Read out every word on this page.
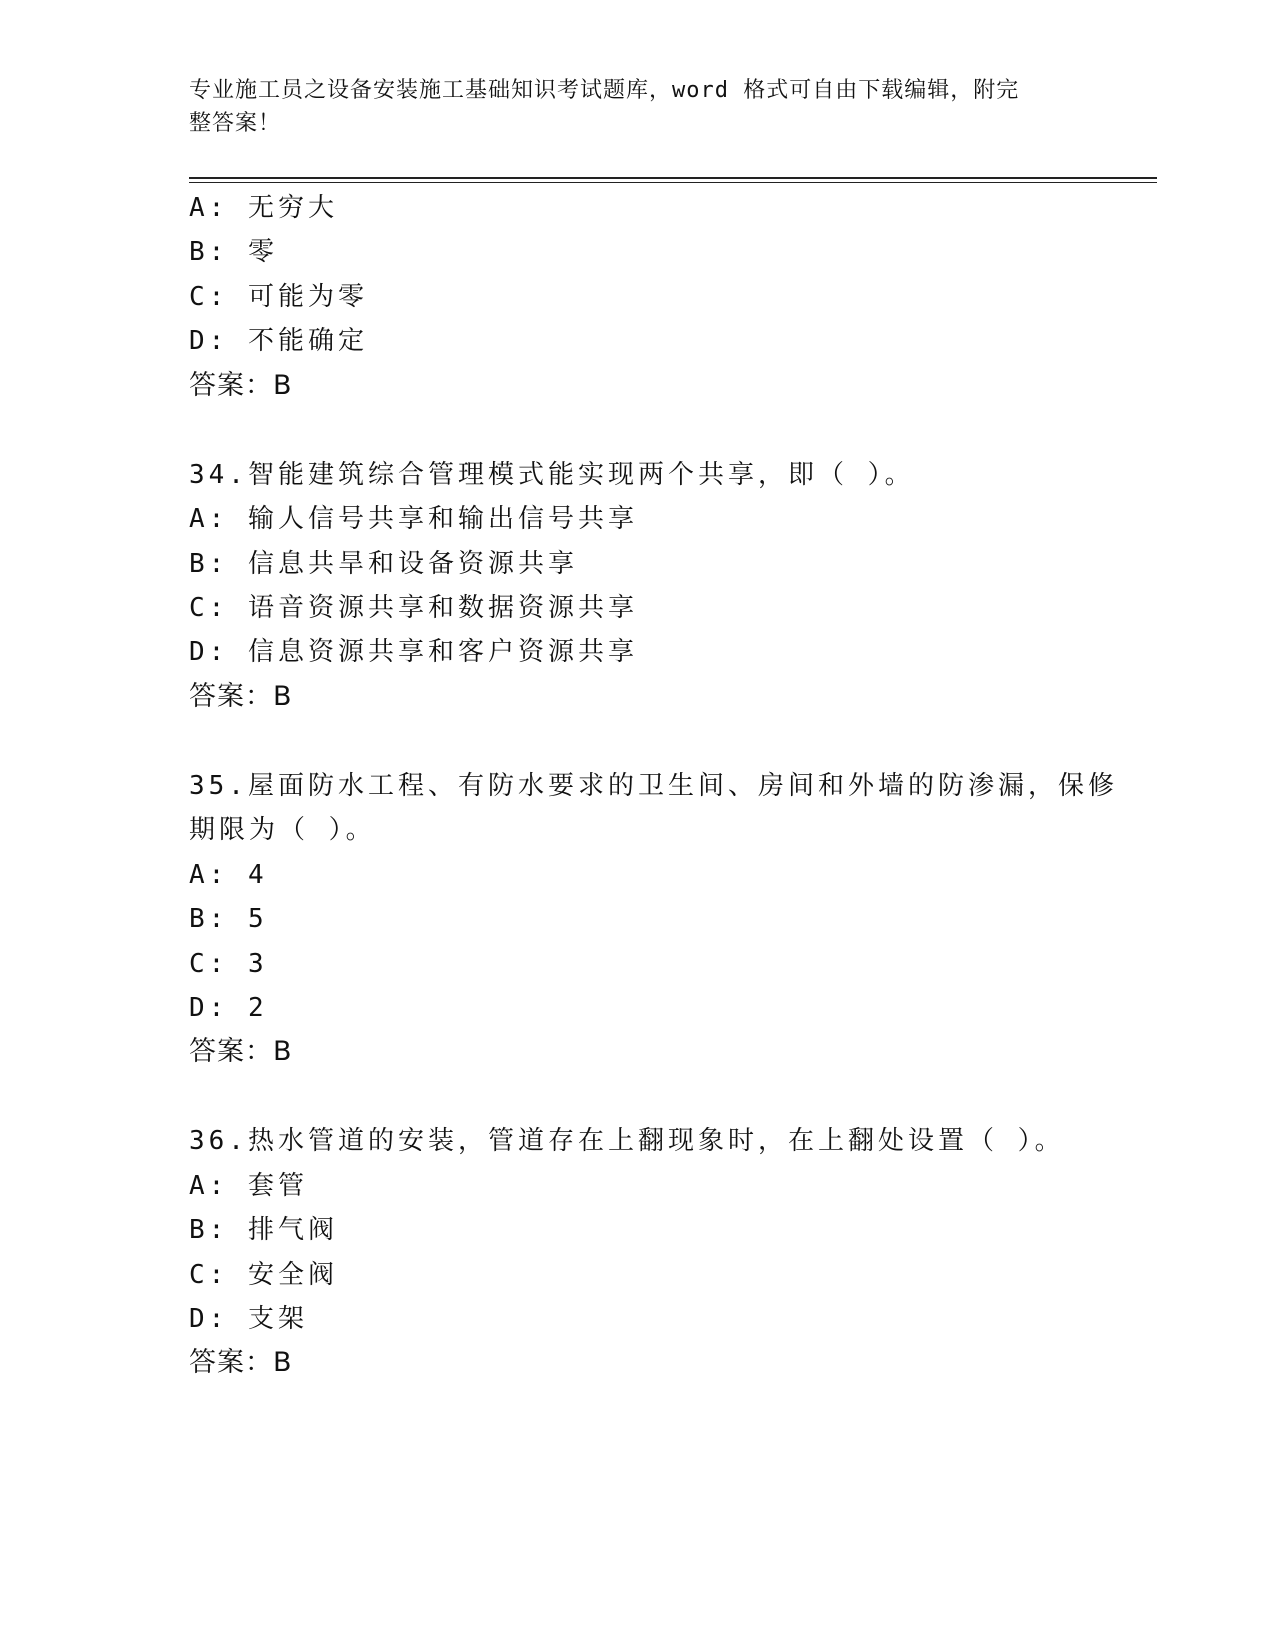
专业施工员之设备安装施工基础知识考试题库，word 格式可自由下载编辑，附完
整答案！
A: 无穷大
B: 零
C: 可能为零
D: 不能确定
答案：B
34.智能建筑综合管理模式能实现两个共享，即（ ）。
A: 输人信号共享和输出信号共享
B: 信息共旱和设备资源共享
C: 语音资源共享和数据资源共享
D: 信息资源共享和客户资源共享
答案：B
35.屋面防水工程、有防水要求的卫生间、房间和外墙的防渗漏，保修
期限为（ ）。
A: 4
B: 5
C: 3
D: 2
答案：B
36.热水管道的安装，管道存在上翻现象时，在上翻处设置（ ）。
A: 套管
B: 排气阀
C: 安全阀
D: 支架
答案：B
